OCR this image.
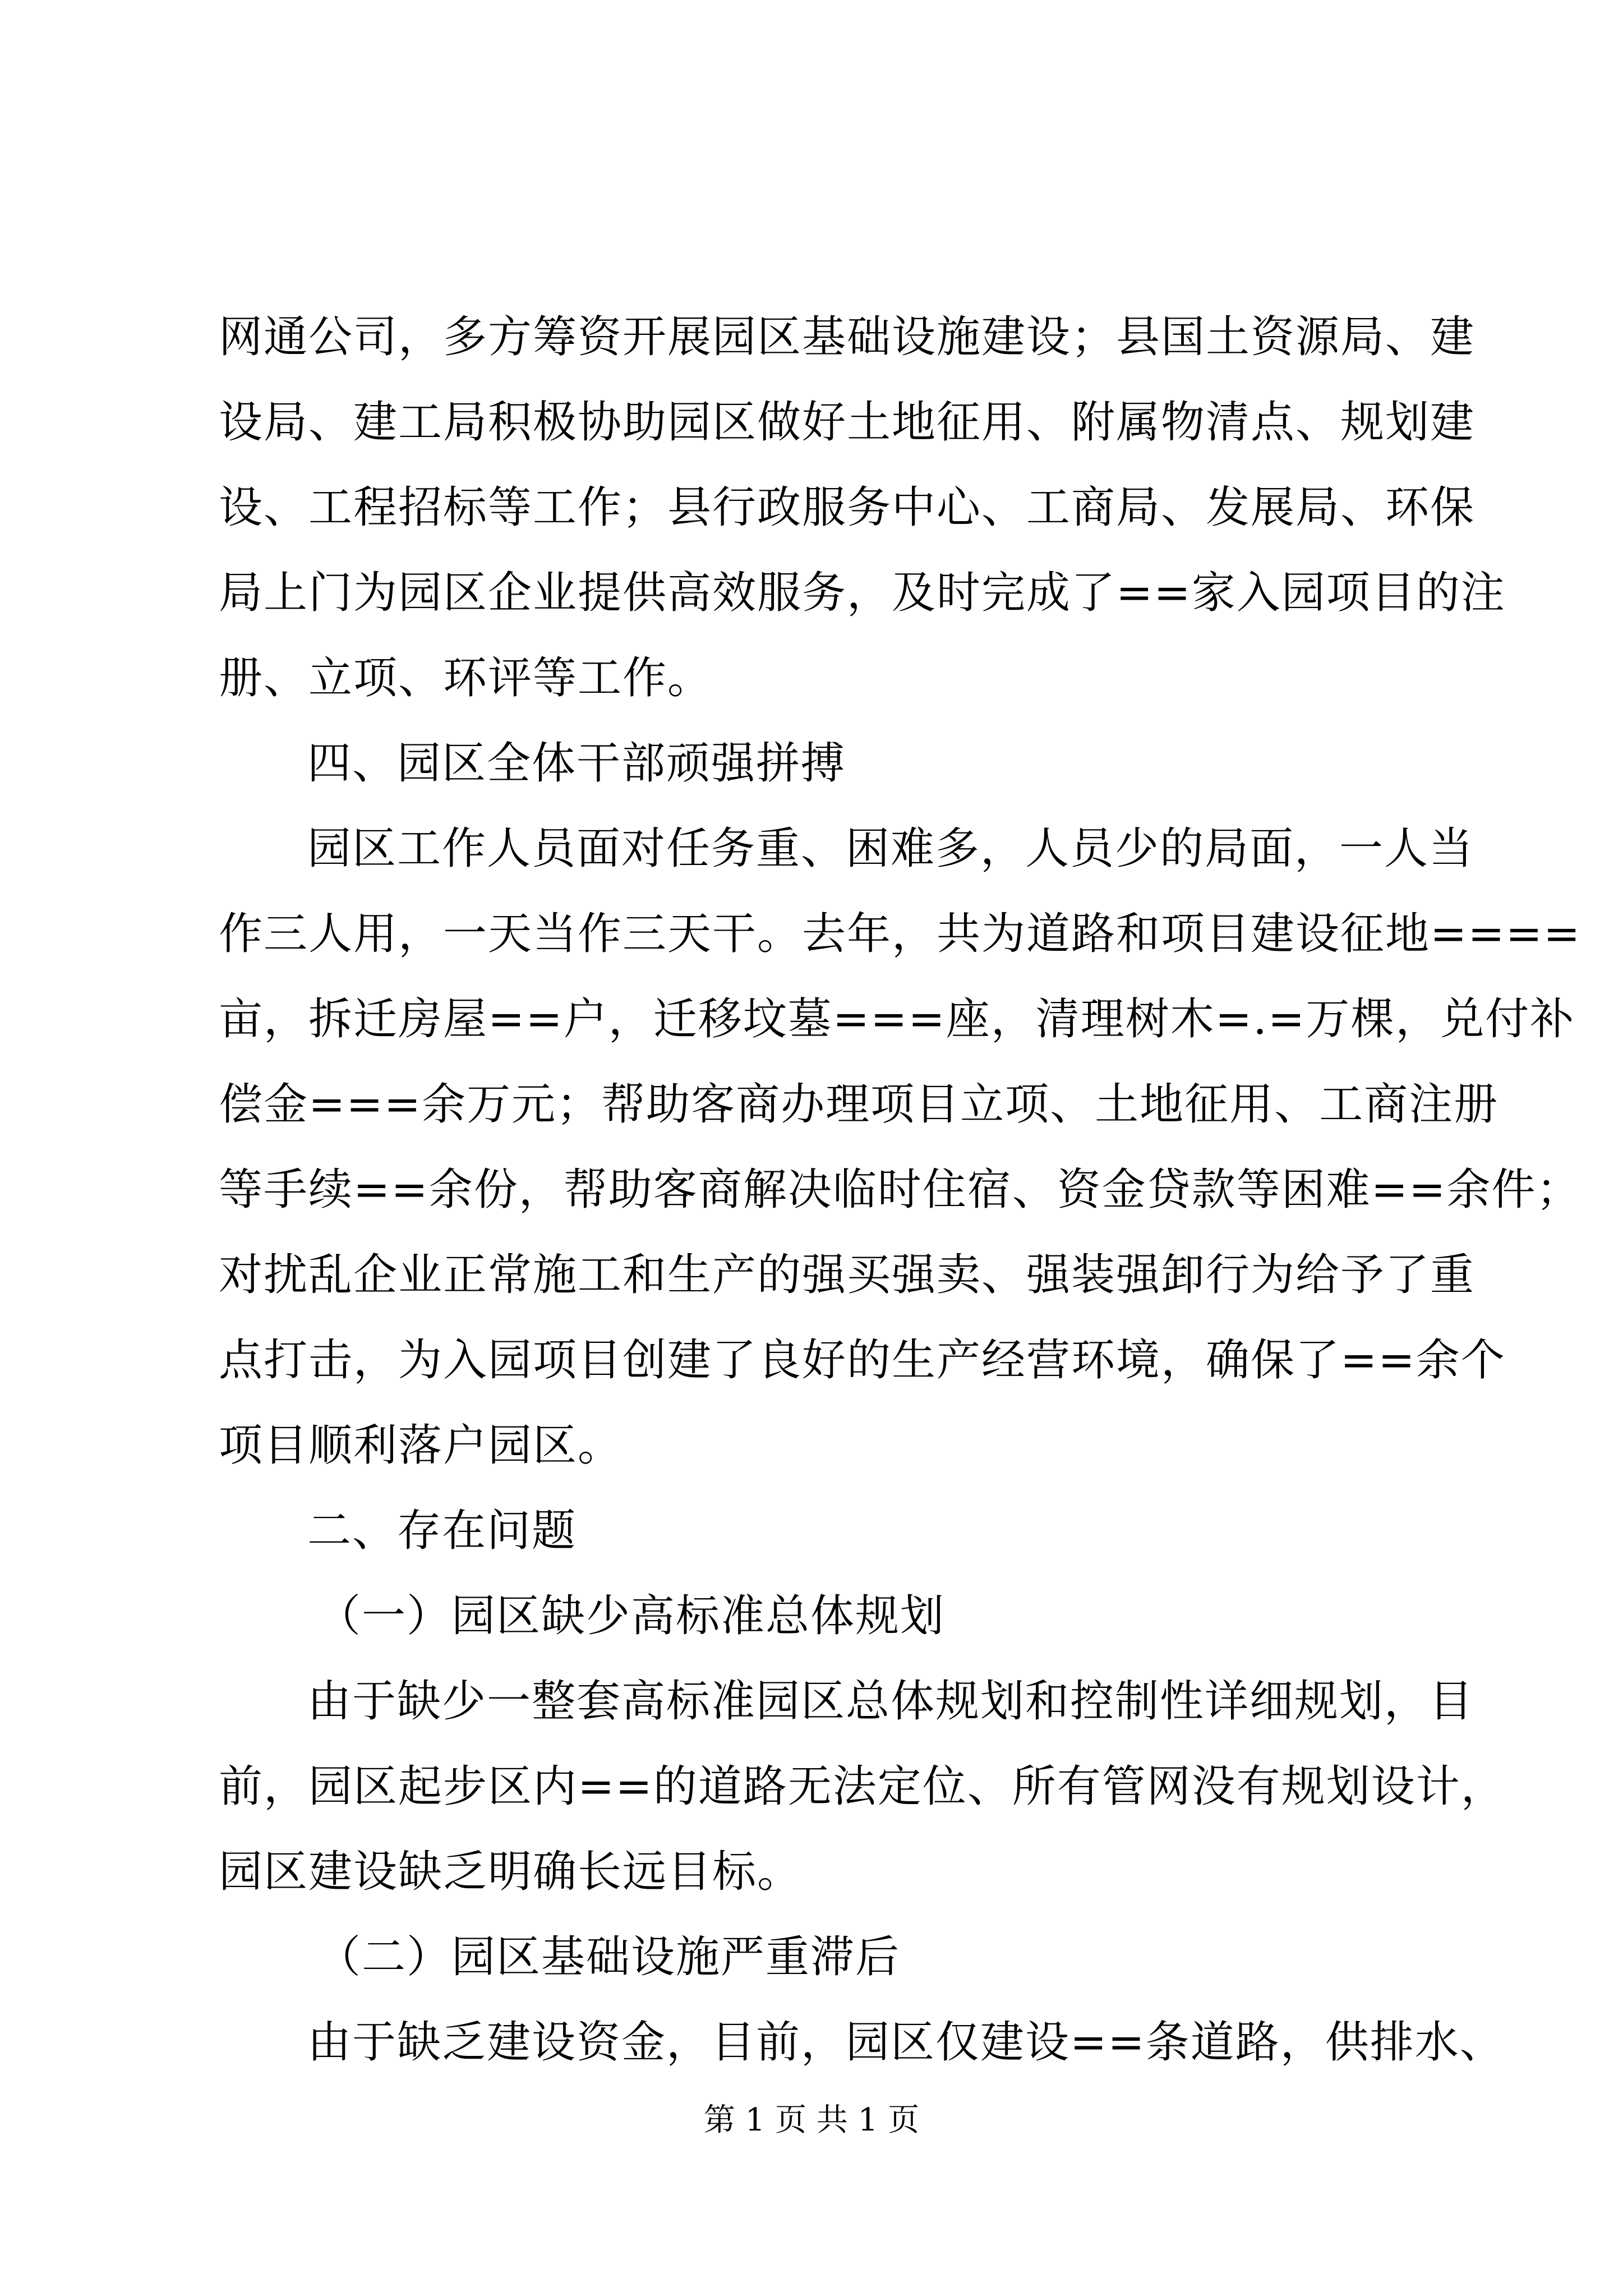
网通公司，多方筹资开展园区基础设施建设；县国土资源局、建
设局、建工局积极协助园区做好土地征用、附属物清点、规划建
设、工程招标等工作；县行政服务中心、工商局、发展局、环保
局上门为园区企业提供高效服务，及时完成了==家入园项目的注
册、立项、环评等工作。
四、园区全体干部顽强拼搏
园区工作人员面对任务重、困难多，人员少的局面，一人当
作三人用，一天当作三天干。去年，共为道路和项目建设征地====
亩，拆迁房屋==户，迁移坟墓===座，清理树木=.=万棵，兑付补
偿金===余万元；帮助客商办理项目立项、土地征用、工商注册
等手续==余份，帮助客商解决临时住宿、资金贷款等困难==余件；
对扰乱企业正常施工和生产的强买强卖、强装强卸行为给予了重
点打击，为入园项目创建了良好的生产经营环境，确保了==余个
项目顺利落户园区。
二、存在问题
（一）园区缺少高标准总体规划
由于缺少一整套高标准园区总体规划和控制性详细规划，目
前，园区起步区内==的道路无法定位、所有管网没有规划设计，
园区建设缺乏明确长远目标。
（二）园区基础设施严重滞后
由于缺乏建设资金，目前，园区仅建设==条道路，供排水、
第 1 页 共 1 页
